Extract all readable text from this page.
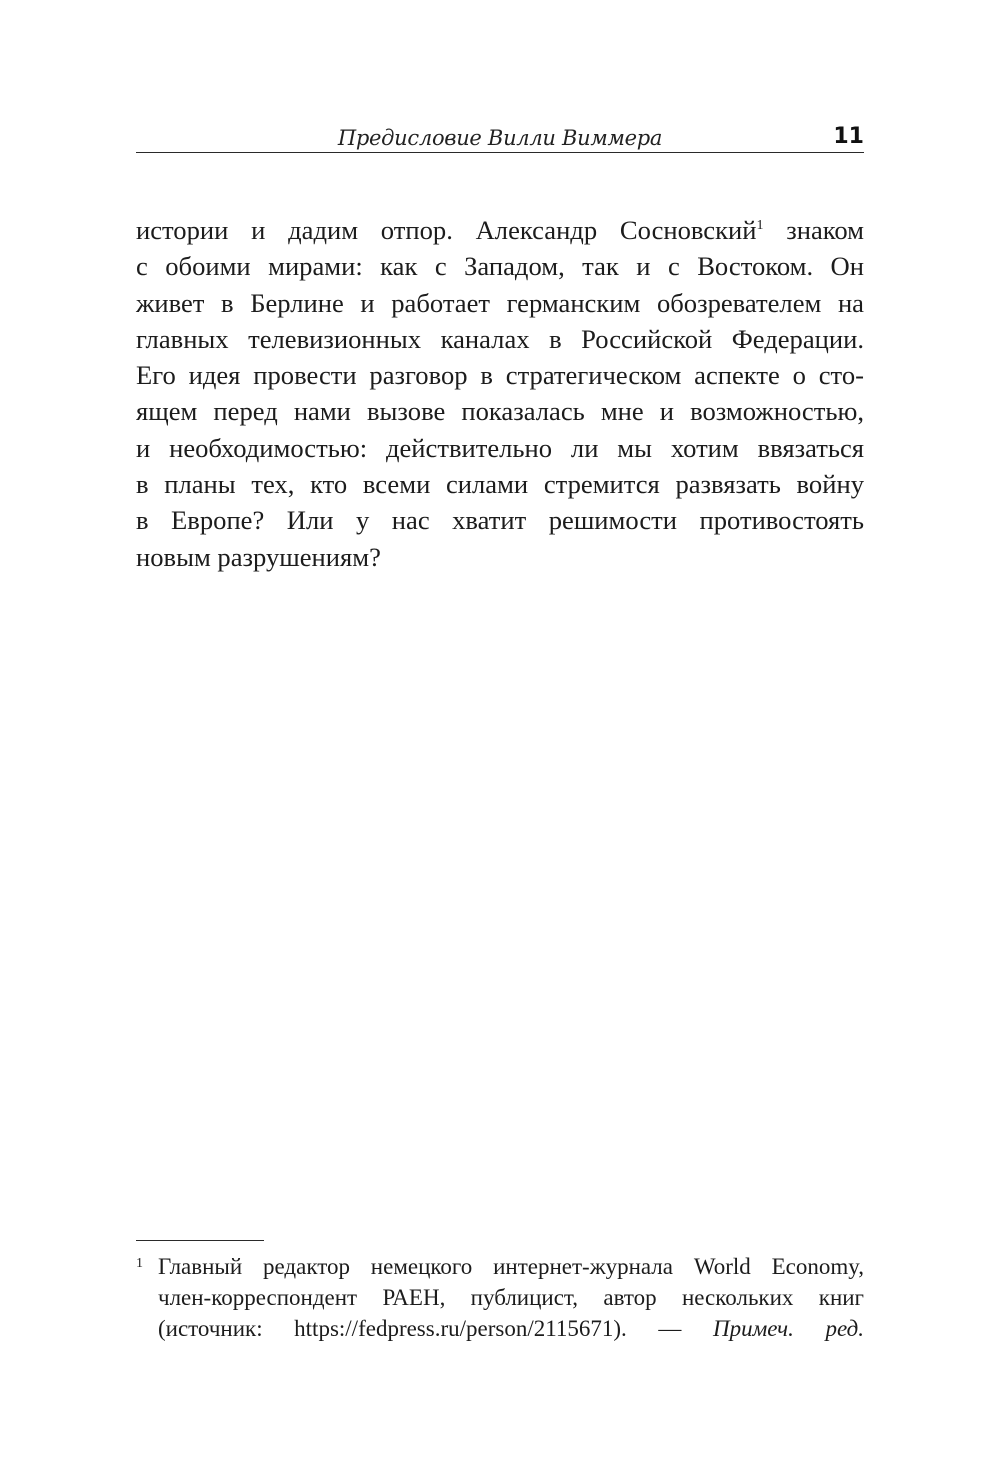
Предисловие Вилли Виммера	11
истории и дадим отпор. Александр Сосновский$^1$ знаком
с обоими мирами: как с Западом, так и с Востоком. Он
живет в Берлине и работает германским обозревателем на
главных телевизионных каналах в Российской Федерации.
Его идея провести разговор в стратегическом аспекте о сто-
ящем перед нами вызове показалась мне и возможностью,
и необходимостью: действительно ли мы хотим ввязаться
в планы тех, кто всеми силами стремится развязать войну
в Европе? Или у нас хватит решимости противостоять
новым разрушениям?
1 Главный редактор немецкого интернет-журнала World Economy,
член-корреспондент РАЕН, публицист, автор нескольких книг
(источник: https://fedpress.ru/person/2115671). — Примеч. ред.
